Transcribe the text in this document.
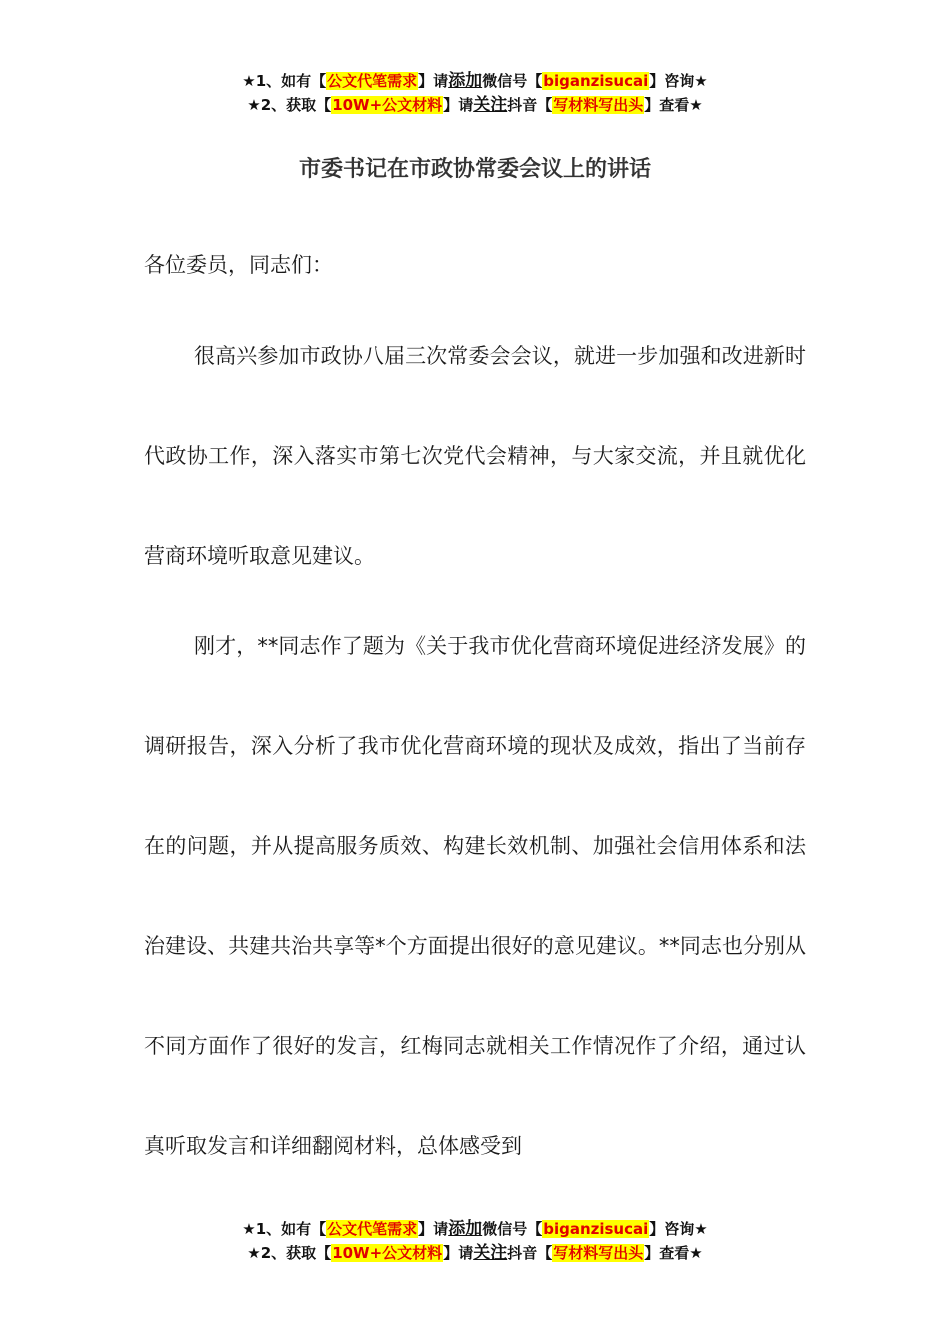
★1、如有【公文代笔需求】请添加微信号【biganzisucai】咨询★
★2、获取【10W+公文材料】请关注抖音【写材料写出头】查看★
市委书记在市政协常委会议上的讲话
各位委员，同志们：

很高兴参加市政协八届三次常委会会议，就进一步加强和改进新时代政协工作，深入落实市第七次党代会精神，与大家交流，并且就优化营商环境听取意见建议。

刚才，**同志作了题为《关于我市优化营商环境促进经济发展》的调研报告，深入分析了我市优化营商环境的现状及成效，指出了当前存在的问题，并从提高服务质效、构建长效机制、加强社会信用体系和法治建设、共建共治共享等*个方面提出很好的意见建议。**同志也分别从不同方面作了很好的发言，红梅同志就相关工作情况作了介绍，通过认真听取发言和详细翻阅材料，总体感受到

★1、如有【公文代笔需求】请添加微信号【biganzisucai】咨询★
★2、获取【10W+公文材料】请关注抖音【写材料写出头】查看★
